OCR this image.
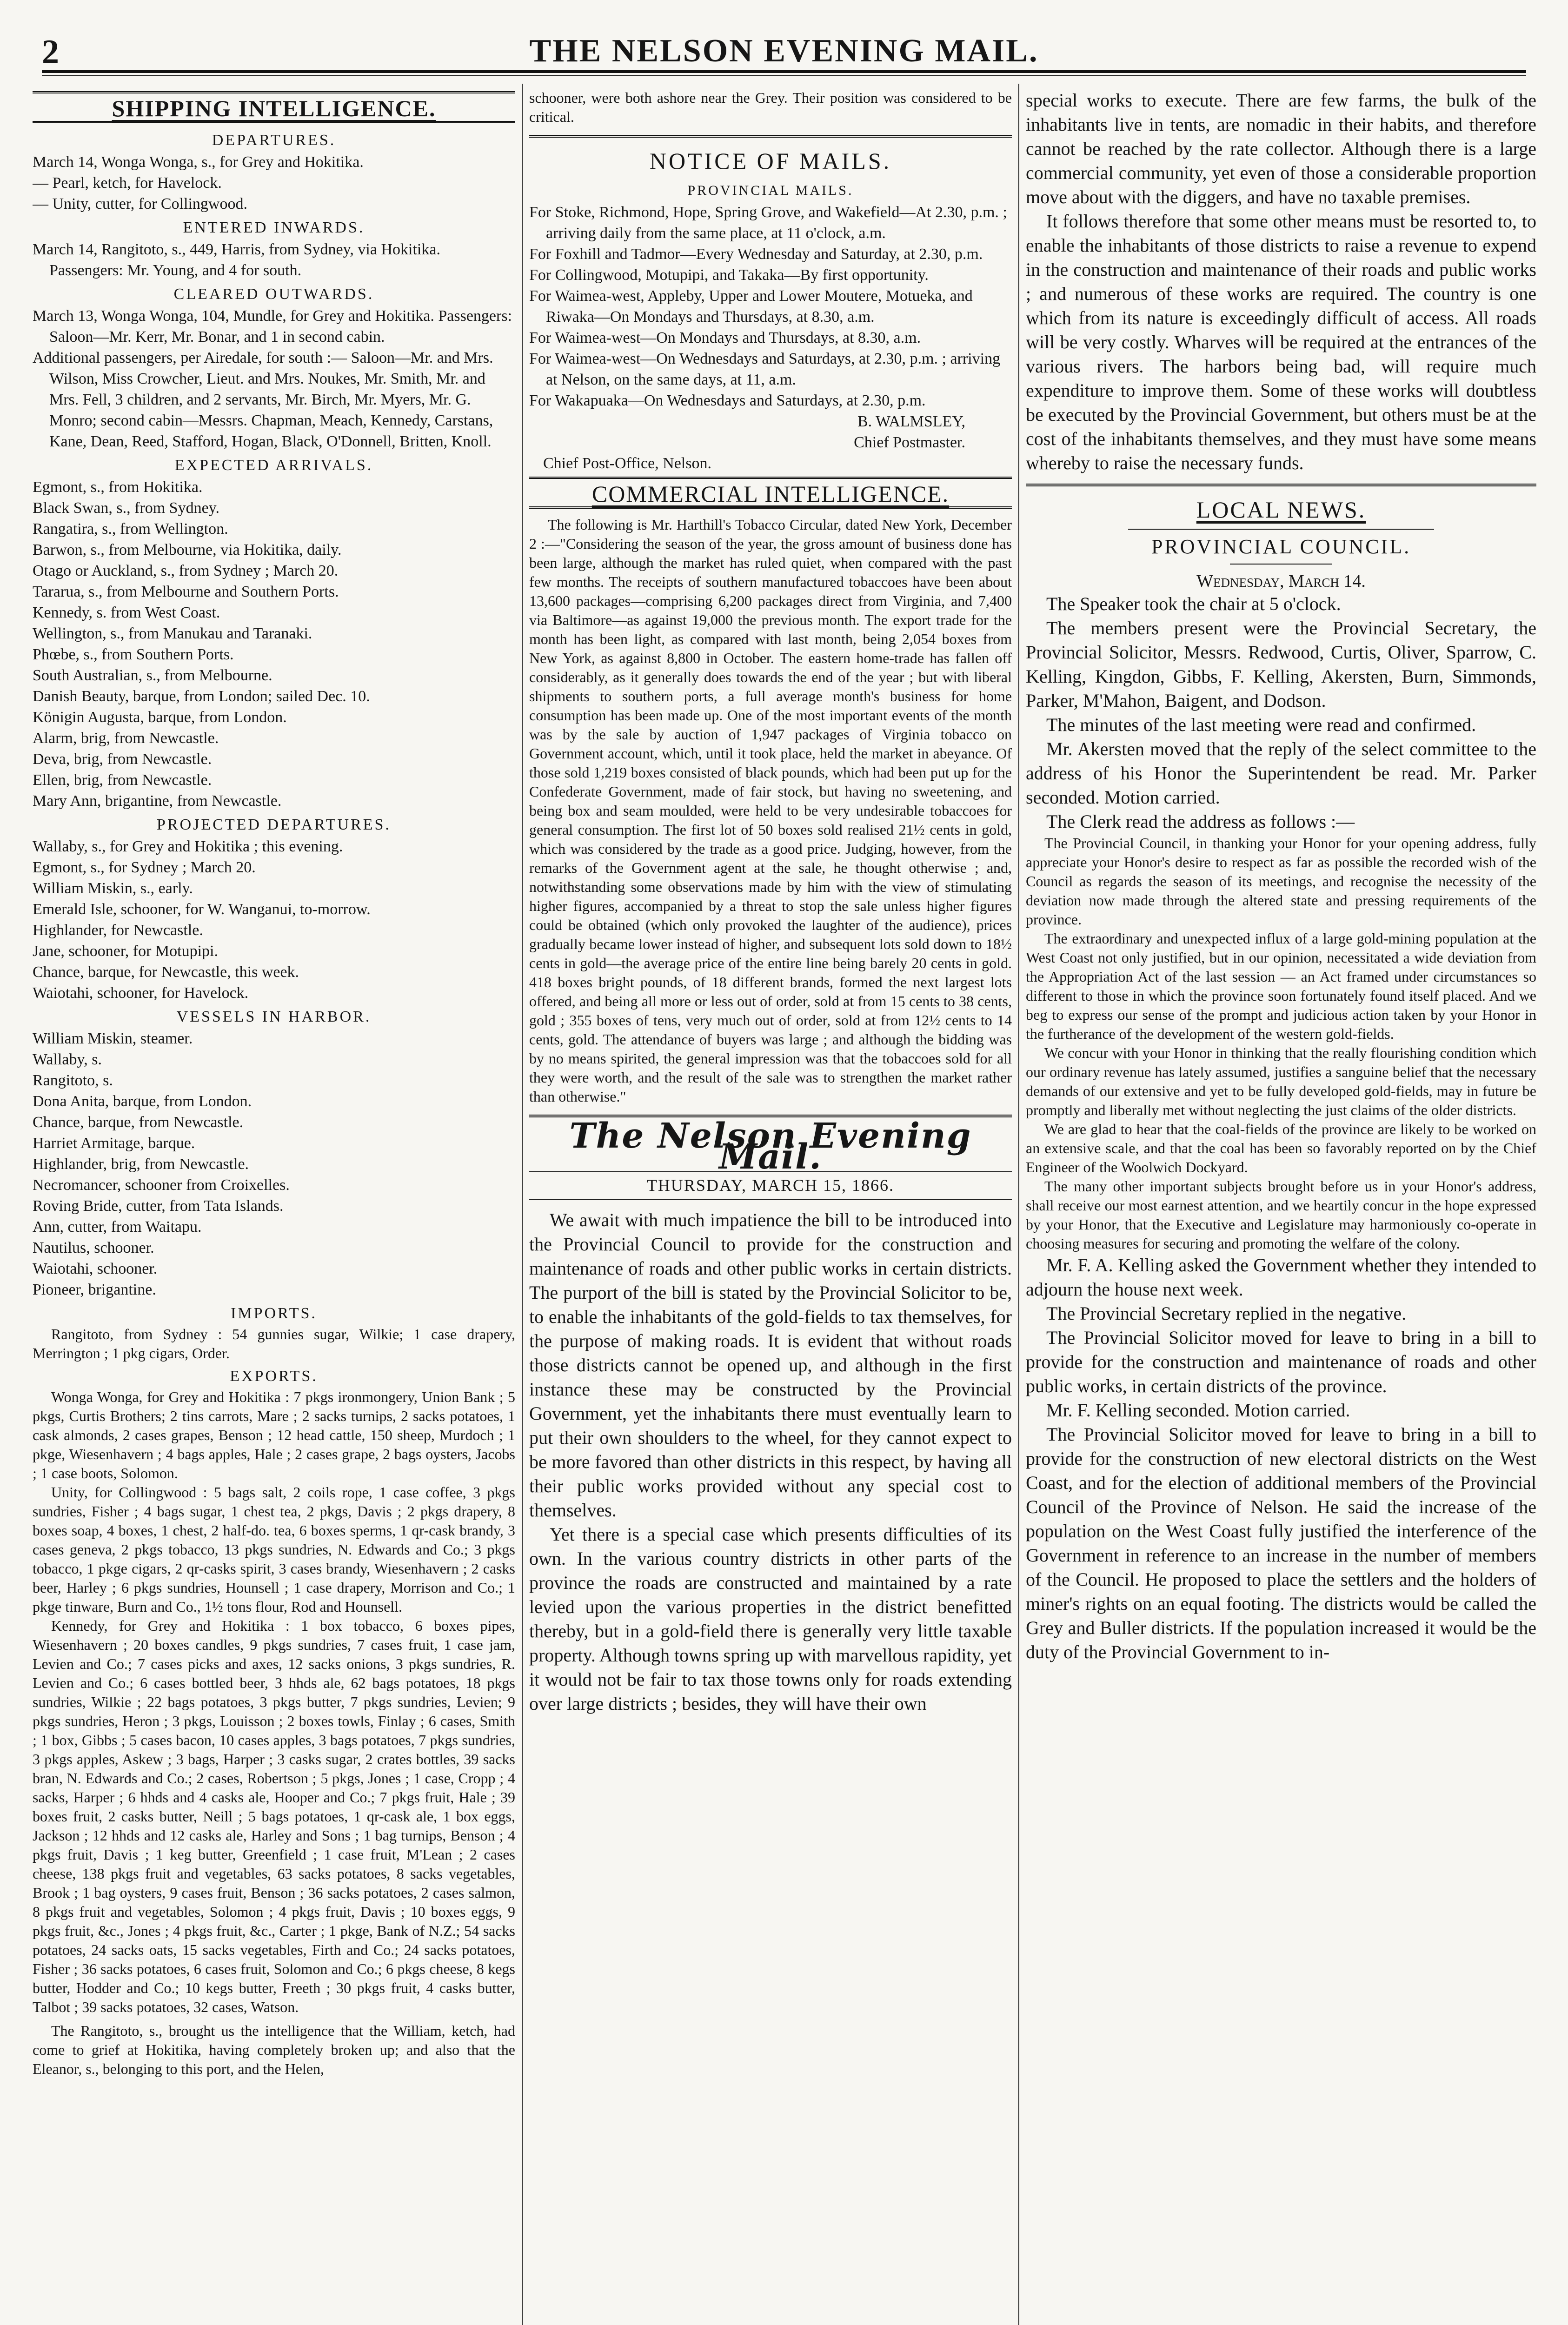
2	THE NELSON EVENING MAIL.
SHIPPING INTELLIGENCE.
DEPARTURES.
March 14, Wonga Wonga, s., for Grey and Hokitika.
— Pearl, ketch, for Havelock.
— Unity, cutter, for Collingwood.
ENTERED INWARDS.
March 14, Rangitoto, s., 449, Harris, from Sydney, via Hokitika. Passengers: Mr. Young, and 4 for south.
CLEARED OUTWARDS.
March 13, Wonga Wonga, 104, Mundle, for Grey and Hokitika. Passengers: Saloon—Mr. Kerr, Mr. Bonar, and 1 in second cabin.
Additional passengers, per Airedale, for south :— Saloon—Mr. and Mrs. Wilson, Miss Crowcher, Lieut. and Mrs. Noukes, Mr. Smith, Mr. and Mrs. Fell, 3 children, and 2 servants, Mr. Birch, Mr. Myers, Mr. G. Monro; second cabin—Messrs. Chapman, Meach, Kennedy, Carstans, Kane, Dean, Reed, Stafford, Hogan, Black, O'Donnell, Britten, Knoll.
EXPECTED ARRIVALS.
Egmont, s., from Hokitika.
Black Swan, s., from Sydney.
Rangatira, s., from Wellington.
Barwon, s., from Melbourne, via Hokitika, daily.
Otago or Auckland, s., from Sydney ; March 20.
Tararua, s., from Melbourne and Southern Ports.
Kennedy, s. from West Coast.
Wellington, s., from Manukau and Taranaki.
Phœbe, s., from Southern Ports.
South Australian, s., from Melbourne.
Danish Beauty, barque, from London; sailed Dec. 10.
Königin Augusta, barque, from London.
Alarm, brig, from Newcastle.
Deva, brig, from Newcastle.
Ellen, brig, from Newcastle.
Mary Ann, brigantine, from Newcastle.
PROJECTED DEPARTURES.
Wallaby, s., for Grey and Hokitika ; this evening.
Egmont, s., for Sydney ; March 20.
William Miskin, s., early.
Emerald Isle, schooner, for W. Wanganui, to-morrow.
Highlander, for Newcastle.
Jane, schooner, for Motupipi.
Chance, barque, for Newcastle, this week.
Waiotahi, schooner, for Havelock.
VESSELS IN HARBOR.
William Miskin, steamer.
Wallaby, s.
Rangitoto, s.
Dona Anita, barque, from London.
Chance, barque, from Newcastle.
Harriet Armitage, barque.
Highlander, brig, from Newcastle.
Necromancer, schooner from Croixelles.
Roving Bride, cutter, from Tata Islands.
Ann, cutter, from Waitapu.
Nautilus, schooner.
Waiotahi, schooner.
Pioneer, brigantine.
IMPORTS.
Rangitoto, from Sydney : 54 gunnies sugar, Wilkie; 1 case drapery, Merrington ; 1 pkg cigars, Order.
EXPORTS.
Wonga Wonga, for Grey and Hokitika : 7 pkgs ironmongery, Union Bank ; 5 pkgs, Curtis Brothers; 2 tins carrots, Mare ; 2 sacks turnips, 2 sacks potatoes, 1 cask almonds, 2 cases grapes, Benson ; 12 head cattle, 150 sheep, Murdoch ; 1 pkge, Wiesenhavern ; 4 bags apples, Hale ; 2 cases grape, 2 bags oysters, Jacobs ; 1 case boots, Solomon.
Unity, for Collingwood : 5 bags salt, 2 coils rope, 1 case coffee, 3 pkgs sundries, Fisher ; 4 bags sugar, 1 chest tea, 2 pkgs, Davis ; 2 pkgs drapery, 8 boxes soap, 4 boxes, 1 chest, 2 half-do. tea, 6 boxes sperms, 1 qr-cask brandy, 3 cases geneva, 2 pkgs tobacco, 13 pkgs sundries, N. Edwards and Co.; 3 pkgs tobacco, 1 pkge cigars, 2 qr-casks spirit, 3 cases brandy, Wiesenhavern ; 2 casks beer, Harley ; 6 pkgs sundries, Hounsell ; 1 case drapery, Morrison and Co.; 1 pkge tinware, Burn and Co., 1½ tons flour, Rod and Hounsell.
Kennedy, for Grey and Hokitika : 1 box tobacco, 6 boxes pipes, Wiesenhavern ; 20 boxes candles, 9 pkgs sundries, 7 cases fruit, 1 case jam, Levien and Co.; 7 cases picks and axes, 12 sacks onions, 3 pkgs sundries, R. Levien and Co.; 6 cases bottled beer, 3 hhds ale, 62 bags potatoes, 18 pkgs sundries, Wilkie ; 22 bags potatoes, 3 pkgs butter, 7 pkgs sundries, Levien; 9 pkgs sundries, Heron ; 3 pkgs, Louisson ; 2 boxes towls, Finlay ; 6 cases, Smith ; 1 box, Gibbs ; 5 cases bacon, 10 cases apples, 3 bags potatoes, 7 pkgs sundries, 3 pkgs apples, Askew ; 3 bags, Harper ; 3 casks sugar, 2 crates bottles, 39 sacks bran, N. Edwards and Co.; 2 cases, Robertson ; 5 pkgs, Jones ; 1 case, Cropp ; 4 sacks, Harper ; 6 hhds and 4 casks ale, Hooper and Co.; 7 pkgs fruit, Hale ; 39 boxes fruit, 2 casks butter, Neill ; 5 bags potatoes, 1 qr-cask ale, 1 box eggs, Jackson ; 12 hhds and 12 casks ale, Harley and Sons ; 1 bag turnips, Benson ; 4 pkgs fruit, Davis ; 1 keg butter, Greenfield ; 1 case fruit, M'Lean ; 2 cases cheese, 138 pkgs fruit and vegetables, 63 sacks potatoes, 8 sacks vegetables, Brook ; 1 bag oysters, 9 cases fruit, Benson ; 36 sacks potatoes, 2 cases salmon, 8 pkgs fruit and vegetables, Solomon ; 4 pkgs fruit, Davis ; 10 boxes eggs, 9 pkgs fruit, &c., Jones ; 4 pkgs fruit, &c., Carter ; 1 pkge, Bank of N.Z.; 54 sacks potatoes, 24 sacks oats, 15 sacks vegetables, Firth and Co.; 24 sacks potatoes, Fisher ; 36 sacks potatoes, 6 cases fruit, Solomon and Co.; 6 pkgs cheese, 8 kegs butter, Hodder and Co.; 10 kegs butter, Freeth ; 30 pkgs fruit, 4 casks butter, Talbot ; 39 sacks potatoes, 32 cases, Watson.
The Rangitoto, s., brought us the intelligence that the William, ketch, had come to grief at Hokitika, having completely broken up; and also that the Eleanor, s., belonging to this port, and the Helen,
schooner, were both ashore near the Grey. Their position was considered to be critical.
NOTICE OF MAILS.
PROVINCIAL MAILS.
For Stoke, Richmond, Hope, Spring Grove, and Wakefield—At 2.30, p.m. ; arriving daily from the same place, at 11 o'clock, a.m.
For Foxhill and Tadmor—Every Wednesday and Saturday, at 2.30, p.m.
For Collingwood, Motupipi, and Takaka—By first opportunity.
For Waimea-west, Appleby, Upper and Lower Moutere, Motueka, and Riwaka—On Mondays and Thursdays, at 8.30, a.m.
For Waimea-west—On Mondays and Thursdays, at 8.30, a.m.
For Waimea-west—On Wednesdays and Saturdays, at 2.30, p.m. ; arriving at Nelson, on the same days, at 11, a.m.
For Wakapuaka—On Wednesdays and Saturdays, at 2.30, p.m.
B. WALMSLEY,
Chief Postmaster.
Chief Post-Office, Nelson.
COMMERCIAL INTELLIGENCE.
The following is Mr. Harthill's Tobacco Circular, dated New York, December 2 :—"Considering the season of the year, the gross amount of business done has been large, although the market has ruled quiet, when compared with the past few months. The receipts of southern manufactured tobaccoes have been about 13,600 packages—comprising 6,200 packages direct from Virginia, and 7,400 via Baltimore—as against 19,000 the previous month. The export trade for the month has been light, as compared with last month, being 2,054 boxes from New York, as against 8,800 in October. The eastern home-trade has fallen off considerably, as it generally does towards the end of the year ; but with liberal shipments to southern ports, a full average month's business for home consumption has been made up. One of the most important events of the month was by the sale by auction of 1,947 packages of Virginia tobacco on Government account, which, until it took place, held the market in abeyance. Of those sold 1,219 boxes consisted of black pounds, which had been put up for the Confederate Government, made of fair stock, but having no sweetening, and being box and seam moulded, were held to be very undesirable tobaccoes for general consumption. The first lot of 50 boxes sold realised 21½ cents in gold, which was considered by the trade as a good price. Judging, however, from the remarks of the Government agent at the sale, he thought otherwise ; and, notwithstanding some observations made by him with the view of stimulating higher figures, accompanied by a threat to stop the sale unless higher figures could be obtained (which only provoked the laughter of the audience), prices gradually became lower instead of higher, and subsequent lots sold down to 18½ cents in gold—the average price of the entire line being barely 20 cents in gold. 418 boxes bright pounds, of 18 different brands, formed the next largest lots offered, and being all more or less out of order, sold at from 15 cents to 38 cents, gold ; 355 boxes of tens, very much out of order, sold at from 12½ cents to 14 cents, gold. The attendance of buyers was large ; and although the bidding was by no means spirited, the general impression was that the tobaccoes sold for all they were worth, and the result of the sale was to strengthen the market rather than otherwise."
The Nelson Evening Mail.
THURSDAY, MARCH 15, 1866.
We await with much impatience the bill to be introduced into the Provincial Council to provide for the construction and maintenance of roads and other public works in certain districts. The purport of the bill is stated by the Provincial Solicitor to be, to enable the inhabitants of the gold-fields to tax themselves, for the purpose of making roads. It is evident that without roads those districts cannot be opened up, and although in the first instance these may be constructed by the Provincial Government, yet the inhabitants there must eventually learn to put their own shoulders to the wheel, for they cannot expect to be more favored than other districts in this respect, by having all their public works provided without any special cost to themselves.
Yet there is a special case which presents difficulties of its own. In the various country districts in other parts of the province the roads are constructed and maintained by a rate levied upon the various properties in the district benefitted thereby, but in a gold-field there is generally very little taxable property. Although towns spring up with marvellous rapidity, yet it would not be fair to tax those towns only for roads extending over large districts ; besides, they will have their own
special works to execute. There are few farms, the bulk of the inhabitants live in tents, are nomadic in their habits, and therefore cannot be reached by the rate collector. Although there is a large commercial community, yet even of those a considerable proportion move about with the diggers, and have no taxable premises.
It follows therefore that some other means must be resorted to, to enable the inhabitants of those districts to raise a revenue to expend in the construction and maintenance of their roads and public works ; and numerous of these works are required. The country is one which from its nature is exceedingly difficult of access. All roads will be very costly. Wharves will be required at the entrances of the various rivers. The harbors being bad, will require much expenditure to improve them. Some of these works will doubtless be executed by the Provincial Government, but others must be at the cost of the inhabitants themselves, and they must have some means whereby to raise the necessary funds.
LOCAL NEWS.
PROVINCIAL COUNCIL.
Wednesday, March 14.
The Speaker took the chair at 5 o'clock.
The members present were the Provincial Secretary, the Provincial Solicitor, Messrs. Redwood, Curtis, Oliver, Sparrow, C. Kelling, Kingdon, Gibbs, F. Kelling, Akersten, Burn, Simmonds, Parker, M'Mahon, Baigent, and Dodson.
The minutes of the last meeting were read and confirmed.
Mr. Akersten moved that the reply of the select committee to the address of his Honor the Superintendent be read. Mr. Parker seconded. Motion carried.
The Clerk read the address as follows :—
The Provincial Council, in thanking your Honor for your opening address, fully appreciate your Honor's desire to respect as far as possible the recorded wish of the Council as regards the season of its meetings, and recognise the necessity of the deviation now made through the altered state and pressing requirements of the province.
The extraordinary and unexpected influx of a large gold-mining population at the West Coast not only justified, but in our opinion, necessitated a wide deviation from the Appropriation Act of the last session — an Act framed under circumstances so different to those in which the province soon fortunately found itself placed. And we beg to express our sense of the prompt and judicious action taken by your Honor in the furtherance of the development of the western gold-fields.
We concur with your Honor in thinking that the really flourishing condition which our ordinary revenue has lately assumed, justifies a sanguine belief that the necessary demands of our extensive and yet to be fully developed gold-fields, may in future be promptly and liberally met without neglecting the just claims of the older districts.
We are glad to hear that the coal-fields of the province are likely to be worked on an extensive scale, and that the coal has been so favorably reported on by the Chief Engineer of the Woolwich Dockyard.
The many other important subjects brought before us in your Honor's address, shall receive our most earnest attention, and we heartily concur in the hope expressed by your Honor, that the Executive and Legislature may harmoniously co-operate in choosing measures for securing and promoting the welfare of the colony.
Mr. F. A. Kelling asked the Government whether they intended to adjourn the house next week.
The Provincial Secretary replied in the negative.
The Provincial Solicitor moved for leave to bring in a bill to provide for the construction and maintenance of roads and other public works, in certain districts of the province.
Mr. F. Kelling seconded. Motion carried.
The Provincial Solicitor moved for leave to bring in a bill to provide for the construction of new electoral districts on the West Coast, and for the election of additional members of the Provincial Council of the Province of Nelson. He said the increase of the population on the West Coast fully justified the interference of the Government in reference to an increase in the number of members of the Council. He proposed to place the settlers and the holders of miner's rights on an equal footing. The districts would be called the Grey and Buller districts. If the population increased it would be the duty of the Provincial Government to in-
